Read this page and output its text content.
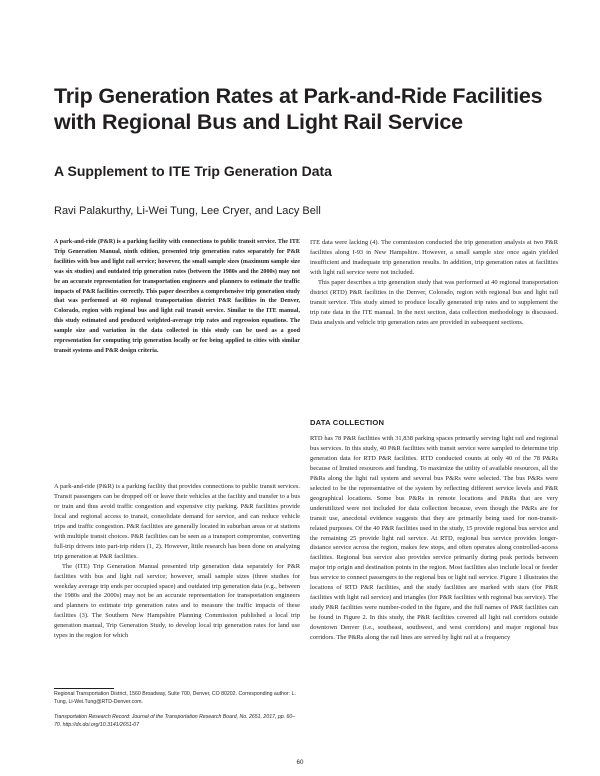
Trip Generation Rates at Park-and-Ride Facilities with Regional Bus and Light Rail Service
A Supplement to ITE Trip Generation Data

Ravi Palakurthy, Li-Wei Tung, Lee Cryer, and Lacy Bell

A park-and-ride (P&R) is a parking facility with connections to public transit service. The ITE Trip Generation Manual, ninth edition, presented trip generation rates separately for P&R facilities with bus and light rail service; however, the small sample sizes (maximum sample size was six studies) and outdated trip generation rates (between the 1980s and the 2000s) may not be an accurate representation for transportation engineers and planners to estimate the traffic impacts of P&R facilities correctly. This paper describes a comprehensive trip generation study that was performed at 40 regional transportation district P&R facilities in the Denver, Colorado, region with regional bus and light rail transit service. Similar to the ITE manual, this study estimated and produced weighted-average trip rates and regression equations. The sample size and variation in the data collected in this study can be used as a good representation for computing trip generation locally or for being applied to cities with similar transit systems and P&R design criteria.

A park-and-ride (P&R) is a parking facility that provides connections to public transit services. Transit passengers can be dropped off or leave their vehicles at the facility and transfer to a bus or train and thus avoid traffic congestion and expensive city parking. P&R facilities provide local and regional access to transit, consolidate demand for service, and can reduce vehicle trips and traffic congestion. P&R facilities are generally located in suburban areas or at stations with multiple transit choices. P&R facilities can be seen as a transport compromise, converting full-trip drivers into part-trip riders (1, 2). However, little research has been done on analyzing trip generation at P&R facilities.

The (ITE) Trip Generation Manual presented trip generation data separately for P&R facilities with bus and light rail service; however, small sample sizes (three studies for weekday average trip ends per occupied space) and outdated trip generation data (e.g., between the 1980s and the 2000s) may not be an accurate representation for transportation engineers and planners to estimate trip generation rates and to measure the traffic impacts of these facilities (3). The Southern New Hampshire Planning Commission published a local trip generation manual, Trip Generation Study, to develop local trip generation rates for land use types in the region for which

ITE data were lacking (4). The commission conducted the trip generation analysis at two P&R facilities along I-93 in New Hampshire. However, a small sample size once again yielded insufficient and inadequate trip generation results. In addition, trip generation rates at facilities with light rail service were not included.

This paper describes a trip generation study that was performed at 40 regional transportation district (RTD) P&R facilities in the Denver, Colorado, region with regional bus and light rail transit service. This study aimed to produce locally generated trip rates and to supplement the trip rate data in the ITE manual. In the next section, data collection methodology is discussed. Data analysis and vehicle trip generation rates are provided in subsequent sections.

DATA COLLECTION

RTD has 78 P&R facilities with 31,838 parking spaces primarily serving light rail and regional bus services. In this study, 40 P&R facilities with transit service were sampled to determine trip generation data for RTD P&R facilities. RTD conducted counts at only 40 of the 78 P&Rs because of limited resources and funding. To maximize the utility of available resources, all the P&Rs along the light rail system and several bus P&Rs were selected. The bus P&Rs were selected to be the representative of the system by reflecting different service levels and P&R geographical locations. Some bus P&Rs in remote locations and P&Rs that are very underutilized were not included for data collection because, even though the P&Rs are for transit use, anecdotal evidence suggests that they are primarily being used for non-transit-related purposes. Of the 40 P&R facilities used in the study, 15 provide regional bus service and the remaining 25 provide light rail service. At RTD, regional bus service provides longer-distance service across the region, makes few stops, and often operates along controlled-access facilities. Regional bus service also provides service primarily during peak periods between major trip origin and destination points in the region. Most facilities also include local or feeder bus service to connect passengers to the regional bus or light rail service. Figure 1 illustrates the locations of RTD P&R facilities, and the study facilities are marked with stars (for P&R facilities with light rail service) and triangles (for P&R facilities with regional bus service). The study P&R facilities were number-coded in the figure, and the full names of P&R facilities can be found in Figure 2. In this study, the P&R facilities covered all light rail corridors outside downtown Denver (i.e., southeast, southwest, and west corridors) and major regional bus corridors. The P&Rs along the rail lines are served by light rail at a frequency

Regional Transportation District, 1560 Broadway, Suite 700, Denver, CO 80202. Corresponding author: L. Tung, Li-Wei.Tung@RTD-Denver.com.

Transportation Research Record: Journal of the Transportation Research Board, No. 2651, 2017, pp. 60–70. http://dx.doi.org/10.3141/2651-07

60
